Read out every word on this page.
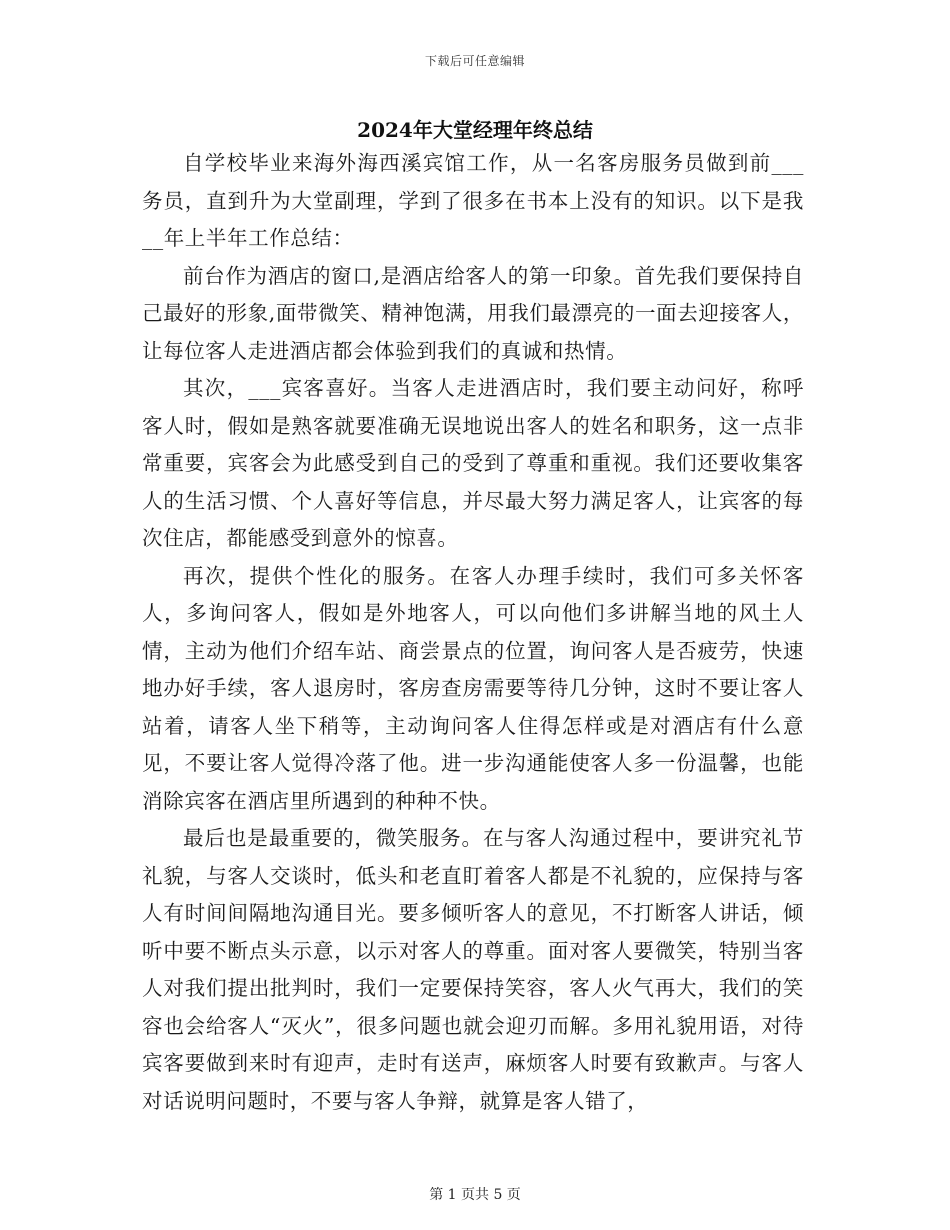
下载后可任意编辑
2024年大堂经理年终总结

自学校毕业来海外海西溪宾馆工作，从一名客房服务员做到前___务员，直到升为大堂副理，学到了很多在书本上没有的知识。以下是我__年上半年工作总结：

前台作为酒店的窗口,是酒店给客人的第一印象。首先我们要保持自己最好的形象,面带微笑、精神饱满，用我们最漂亮的一面去迎接客人，让每位客人走进酒店都会体验到我们的真诚和热情。

其次，___宾客喜好。当客人走进酒店时，我们要主动问好，称呼客人时，假如是熟客就要准确无误地说出客人的姓名和职务，这一点非常重要，宾客会为此感受到自己的受到了尊重和重视。我们还要收集客人的生活习惯、个人喜好等信息，并尽最大努力满足客人，让宾客的每次住店，都能感受到意外的惊喜。

再次，提供个性化的服务。在客人办理手续时，我们可多关怀客人，多询问客人，假如是外地客人，可以向他们多讲解当地的风土人情，主动为他们介绍车站、商尝景点的位置，询问客人是否疲劳，快速地办好手续，客人退房时，客房查房需要等待几分钟，这时不要让客人站着，请客人坐下稍等，主动询问客人住得怎样或是对酒店有什么意见，不要让客人觉得冷落了他。进一步沟通能使客人多一份温馨，也能消除宾客在酒店里所遇到的种种不快。

最后也是最重要的，微笑服务。在与客人沟通过程中，要讲究礼节礼貌，与客人交谈时，低头和老直盯着客人都是不礼貌的，应保持与客人有时间间隔地沟通目光。要多倾听客人的意见，不打断客人讲话，倾听中要不断点头示意，以示对客人的尊重。面对客人要微笑，特别当客人对我们提出批判时，我们一定要保持笑容，客人火气再大，我们的笑容也会给客人“灭火”，很多问题也就会迎刃而解。多用礼貌用语，对待宾客要做到来时有迎声，走时有送声，麻烦客人时要有致歉声。与客人对话说明问题时，不要与客人争辩，就算是客人错了，

第 1 页共 5 页
